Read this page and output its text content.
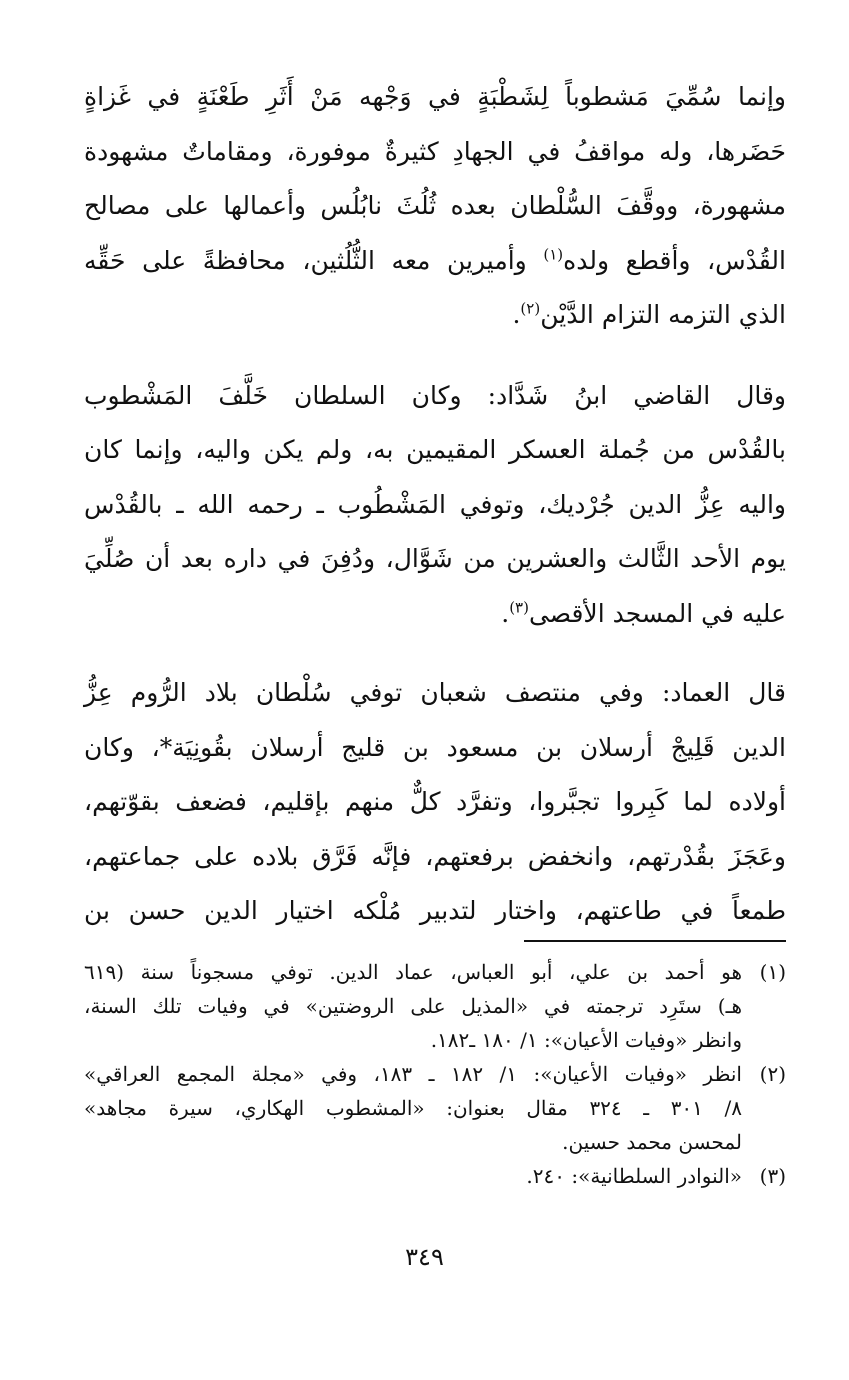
وإنما سُمِّيَ مَشطوباً لِشَطْبَةٍ في وَجْهه مَنْ أَثَرِ طَعْنَةٍ في غَزاةٍ
حَضَرها، وله مواقفُ في الجهادِ كثيرةٌ موفورة، ومقاماتٌ مشهودة
مشهورة، ووقَّفَ السُّلْطان بعده ثُلُثَ نابُلُس وأعمالها على مصالح
القُدْس، وأقطع ولده$^{(١)}$ وأميرين معه الثُّلُثين، محافظةً على حَقِّه
الذي التزمه التزام الدَّيْن$^{(٢)}$.

وقال القاضي ابنُ شَدَّاد: وكان السلطان خَلَّفَ المَشْطوب
بالقُدْس من جُملة العسكر المقيمين به، ولم يكن واليه، وإنما كان
واليه عِزُّ الدين جُرْديك، وتوفي المَشْطُوب ـ رحمه الله ـ بالقُدْس
يوم الأحد الثَّالث والعشرين من شَوَّال، ودُفِنَ في داره بعد أن صُلِّيَ
عليه في المسجد الأقصى$^{(٣)}$.

قال العماد: وفي منتصف شعبان توفي سُلْطان بلاد الرُّوم عِزُّ
الدين قَلِيجْ أرسلان بن مسعود بن قليج أرسلان بقُونِيَة*، وكان
أولاده لما كَبِروا تجبَّروا، وتفرَّد كلٌّ منهم بإقليم، فضعف بقوّتهم،
وعَجَزَ بقُدْرتهم، وانخفض برفعتهم، فإنَّه فَرَّق بلاده على جماعتهم،
طمعاً في طاعتهم، واختار لتدبير مُلْكه اختيار الدين حسن بن

(١)
هو أحمد بن علي، أبو العباس، عماد الدين. توفي مسجوناً سنة (٦١٩
هـ) ستَرِد ترجمته في «المذيل على الروضتين» في وفيات تلك السنة،
وانظر «وفيات الأعيان»: ١/ ١٨٠ ـ١٨٢.
(٢)
انظر «وفيات الأعيان»: ١/ ١٨٢ ـ ١٨٣، وفي «مجلة المجمع العراقي»
٨/ ٣٠١ ـ ٣٢٤ مقال بعنوان: «المشطوب الهكاري، سيرة مجاهد»
لمحسن محمد حسين.
(٣)
«النوادر السلطانية»: ٢٤٠.
٣٤٩
